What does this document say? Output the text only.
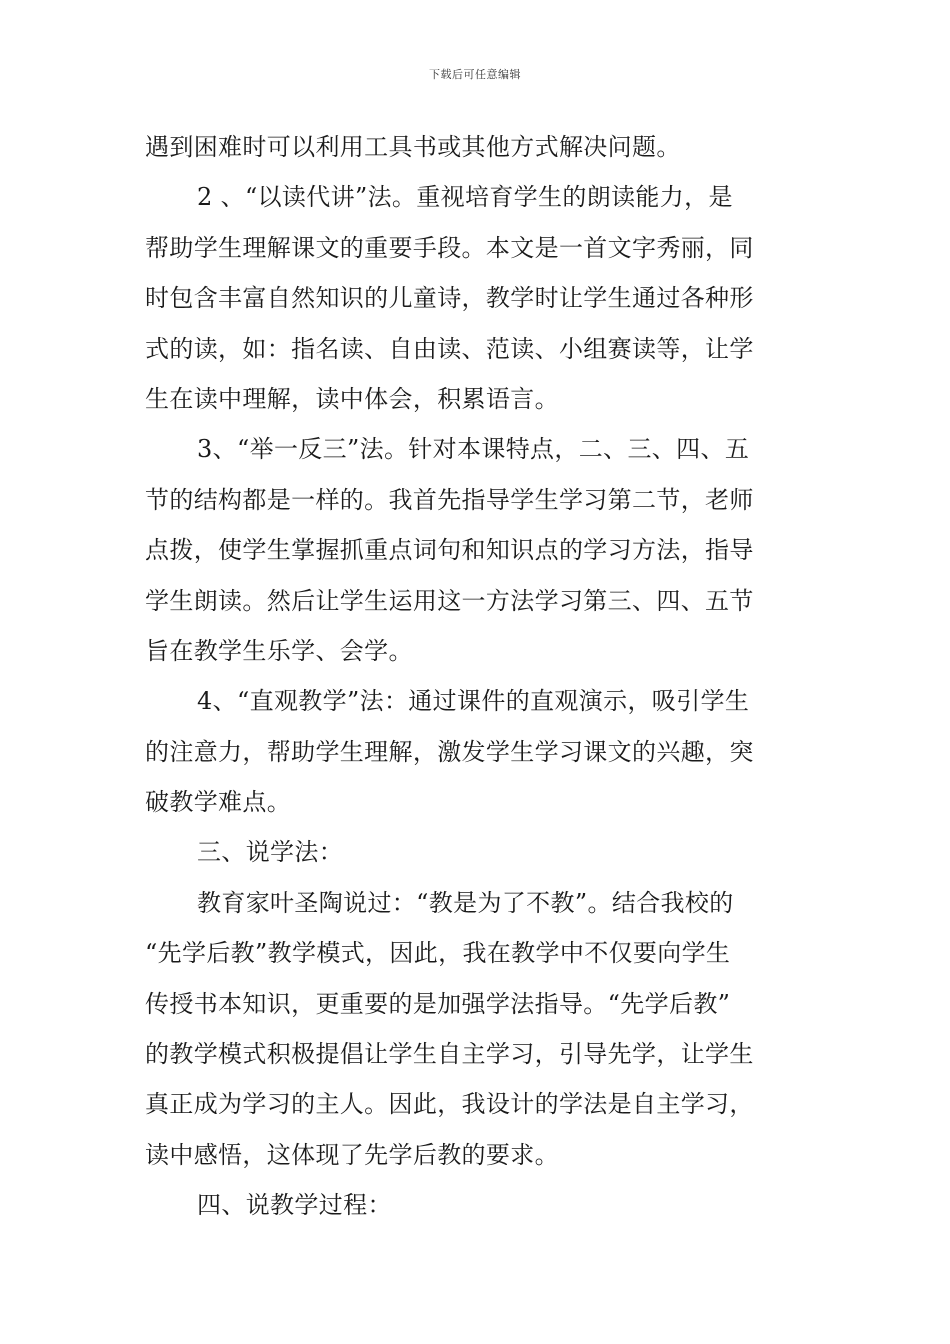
下载后可任意编辑
遇到困难时可以利用工具书或其他方式解决问题。
2 、“以读代讲”法。重视培育学生的朗读能力，是
帮助学生理解课文的重要手段。本文是一首文字秀丽，同
时包含丰富自然知识的儿童诗，教学时让学生通过各种形
式的读，如：指名读、自由读、范读、小组赛读等，让学
生在读中理解，读中体会，积累语言。
3、“举一反三”法。针对本课特点，二、三、四、五
节的结构都是一样的。我首先指导学生学习第二节，老师
点拨，使学生掌握抓重点词句和知识点的学习方法，指导
学生朗读。然后让学生运用这一方法学习第三、四、五节
旨在教学生乐学、会学。
4、“直观教学”法：通过课件的直观演示，吸引学生
的注意力，帮助学生理解，激发学生学习课文的兴趣，突
破教学难点。
三、说学法：
教育家叶圣陶说过：“教是为了不教”。结合我校的
“先学后教”教学模式，因此，我在教学中不仅要向学生
传授书本知识，更重要的是加强学法指导。“先学后教”
的教学模式积极提倡让学生自主学习，引导先学，让学生
真正成为学习的主人。因此，我设计的学法是自主学习，
读中感悟，这体现了先学后教的要求。
四、说教学过程：
